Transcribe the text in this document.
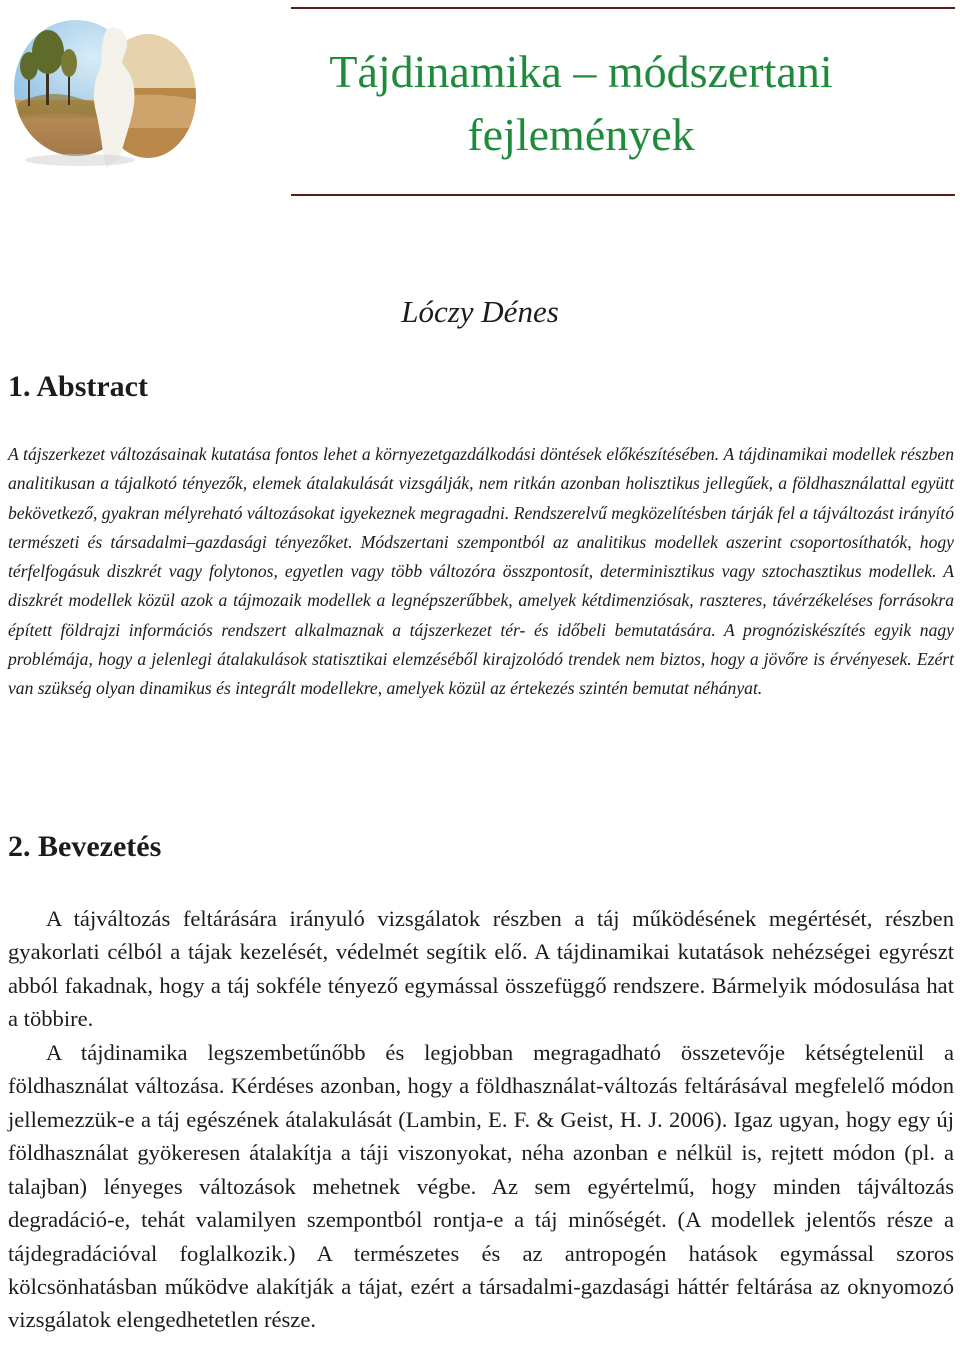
Tájdinamika – módszertani
fejlemények

Lóczy Dénes

1. Abstract

A tájszerkezet változásainak kutatása fontos lehet a környezetgazdálkodási döntések előkészítésében. A tájdinamikai modellek részben analitikusan a tájalkotó tényezők, elemek átalakulását vizsgálják, nem ritkán azonban holisztikus jellegűek, a földhasználattal együtt bekövetkező, gyakran mélyreható változásokat igyekeznek megragadni. Rendszerelvű megközelítésben tárják fel a tájváltozást irányító természeti és társadalmi–gazdasági tényezőket. Módszertani szempontból az analitikus modellek aszerint csoportosíthatók, hogy térfelfogásuk diszkrét vagy folytonos, egyetlen vagy több változóra összpontosít, determinisztikus vagy sztochasztikus modellek. A diszkrét modellek közül azok a tájmozaik modellek a legnépszerűbbek, amelyek kétdimenziósak, raszteres, távérzékeléses forrásokra épített földrajzi információs rendszert alkalmaznak a tájszerkezet tér- és időbeli bemutatására. A prognóziskészítés egyik nagy problémája, hogy a jelenlegi átalakulások statisztikai elemzéséből kirajzolódó trendek nem biztos, hogy a jövőre is érvényesek. Ezért van szükség olyan dinamikus és integrált modellekre, amelyek közül az értekezés szintén bemutat néhányat.

2. Bevezetés

A tájváltozás feltárására irányuló vizsgálatok részben a táj működésének megértését, részben gyakorlati célból a tájak kezelését, védelmét segítik elő. A tájdinamikai kutatások nehézségei egyrészt abból fakadnak, hogy a táj sokféle tényező egymással összefüggő rendszere. Bármelyik módosulása hat a többire.

A tájdinamika legszembetűnőbb és legjobban megragadható összetevője kétségtelenül a földhasználat változása. Kérdéses azonban, hogy a földhasználat-változás feltárásával megfelelő módon jellemezzük-e a táj egészének átalakulását (Lambin, E. F. & Geist, H. J. 2006). Igaz ugyan, hogy egy új földhasználat gyökeresen átalakítja a táji viszonyokat, néha azonban e nélkül is, rejtett módon (pl. a talajban) lényeges változások mehetnek végbe. Az sem egyértelmű, hogy minden tájváltozás degradáció-e, tehát valamilyen szempontból rontja-e a táj minőségét. (A modellek jelentős része a tájdegradációval foglalkozik.) A természetes és az antropogén hatások egymással szoros kölcsönhatásban működve alakítják a tájat, ezért a társadalmi-gazdasági háttér feltárása az oknyomozó vizsgálatok elengedhetetlen része.
